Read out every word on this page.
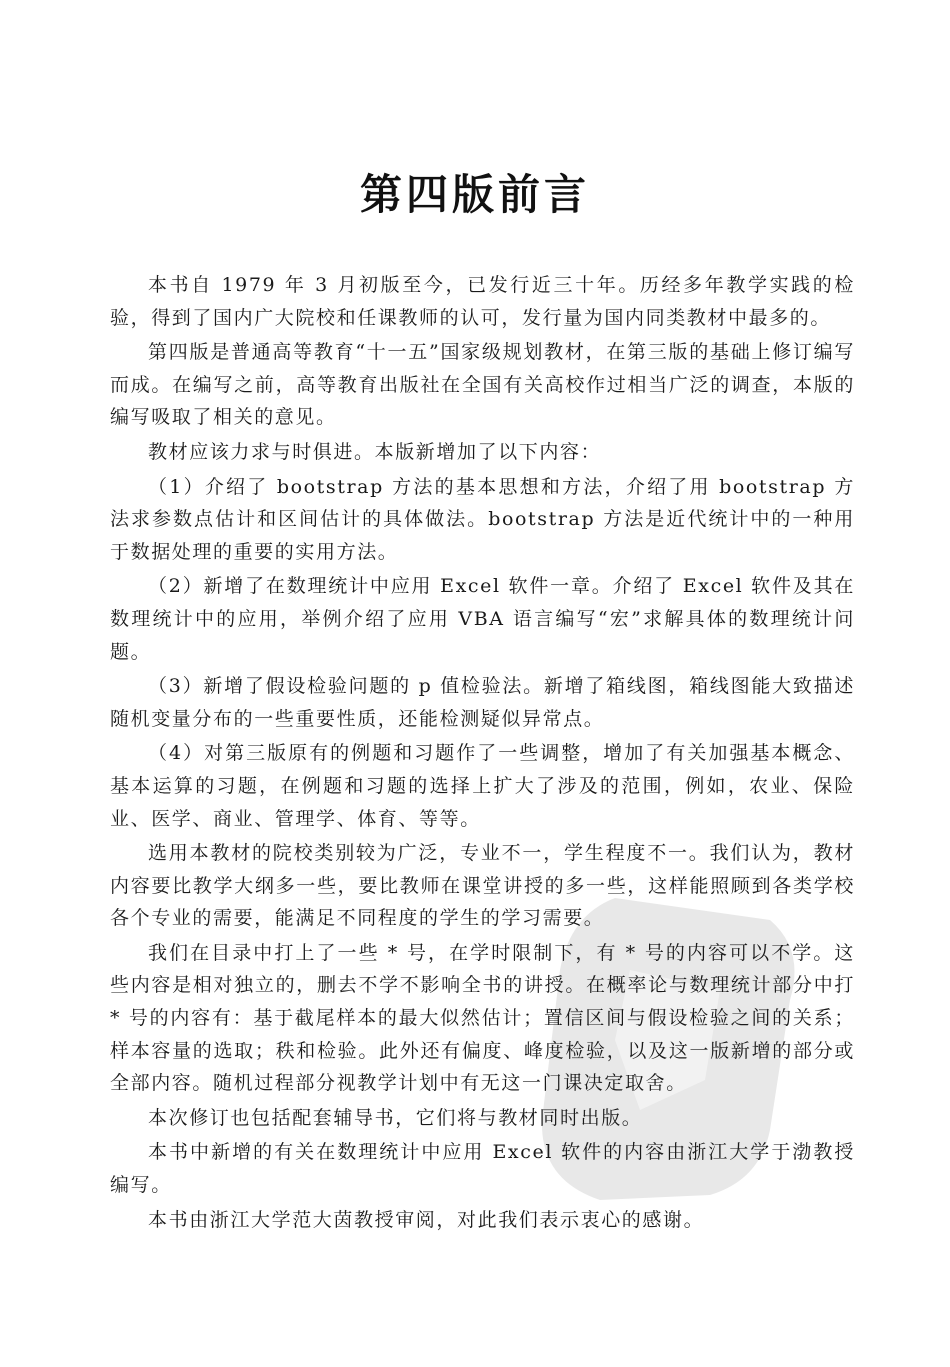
第四版前言

本书自 1979 年 3 月初版至今，已发行近三十年。历经多年教学实践的检验，得到了国内广大院校和任课教师的认可，发行量为国内同类教材中最多的。

第四版是普通高等教育“十一五”国家级规划教材，在第三版的基础上修订编写而成。在编写之前，高等教育出版社在全国有关高校作过相当广泛的调查，本版的编写吸取了相关的意见。

教材应该力求与时俱进。本版新增加了以下内容：

（1）介绍了 bootstrap 方法的基本思想和方法，介绍了用 bootstrap 方法求参数点估计和区间估计的具体做法。bootstrap 方法是近代统计中的一种用于数据处理的重要的实用方法。

（2）新增了在数理统计中应用 Excel 软件一章。介绍了 Excel 软件及其在数理统计中的应用，举例介绍了应用 VBA 语言编写“宏”求解具体的数理统计问题。

（3）新增了假设检验问题的 p 值检验法。新增了箱线图，箱线图能大致描述随机变量分布的一些重要性质，还能检测疑似异常点。

（4）对第三版原有的例题和习题作了一些调整，增加了有关加强基本概念、基本运算的习题，在例题和习题的选择上扩大了涉及的范围，例如，农业、保险业、医学、商业、管理学、体育、等等。

选用本教材的院校类别较为广泛，专业不一，学生程度不一。我们认为，教材内容要比教学大纲多一些，要比教师在课堂讲授的多一些，这样能照顾到各类学校各个专业的需要，能满足不同程度的学生的学习需要。

我们在目录中打上了一些 * 号，在学时限制下，有 * 号的内容可以不学。这些内容是相对独立的，删去不学不影响全书的讲授。在概率论与数理统计部分中打 * 号的内容有：基于截尾样本的最大似然估计；置信区间与假设检验之间的关系；样本容量的选取；秩和检验。此外还有偏度、峰度检验，以及这一版新增的部分或全部内容。随机过程部分视教学计划中有无这一门课决定取舍。

本次修订也包括配套辅导书，它们将与教材同时出版。

本书中新增的有关在数理统计中应用 Excel 软件的内容由浙江大学于渤教授编写。

本书由浙江大学范大茵教授审阅，对此我们表示衷心的感谢。
